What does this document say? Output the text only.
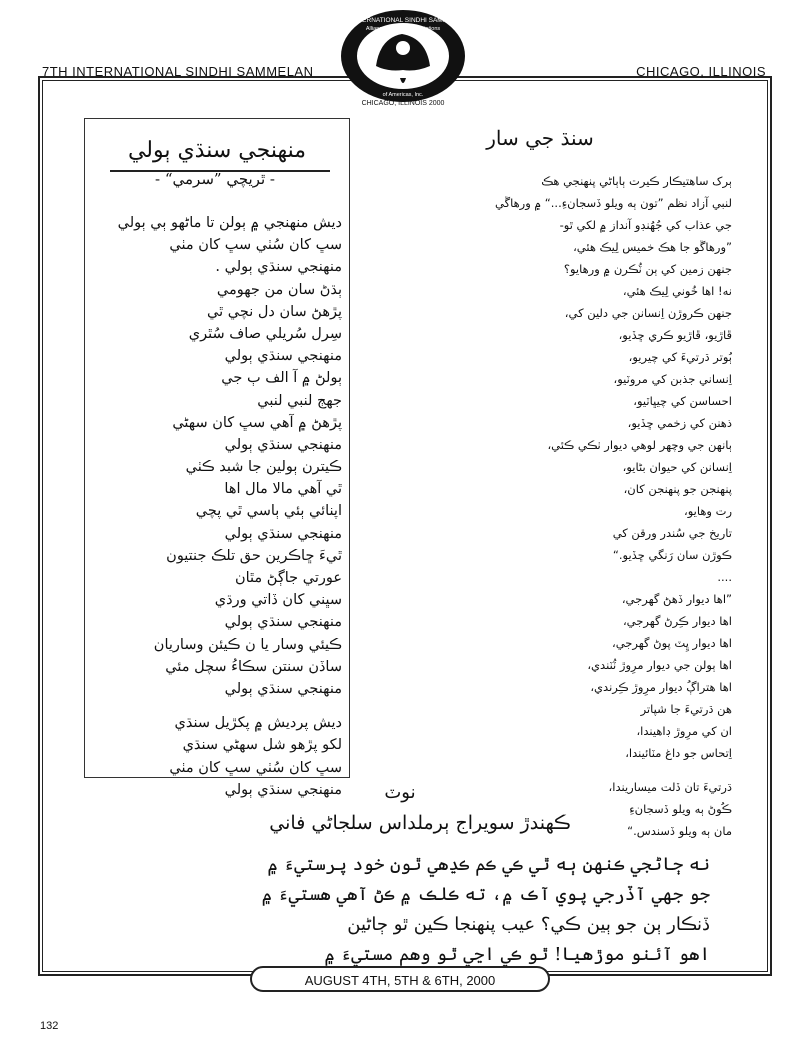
7TH INTERNATIONAL SINDHI SAMMELAN	CHICAGO, ILLINOIS
7th INTERNATIONAL SINDHI SAMMELAN
Alliance of Sindhi Associations
of Americas, Inc.
CHICAGO, ILLINOIS 2000
منهنجي سنڌي ٻولي
- ٿريچي ”سرمي“ -
ديش منهنجي ۾ ٻولن تا ماڻهو ٻي ٻولي
سڀ کان سُٺي سڀ کان مٺي
منهنجي سنڌي ٻولي .
ٻڌڻ سان من جهومي
پڙهڻ سان دل نچي ٿي
سِرل سُريلي صاف سُٿري
منهنجي سنڌي ٻولي
ٻولڻ ۾ آ الف ٻ جي
جهڄ لنبي لنبي
پڙهڻ ۾ آهي سڀ کان سهڻي
منهنجي سنڌي ٻولي
ڪيترن ٻولين جا شبد ڪٺي
ٿي آهي مالا مال اها
اپنائي ٻئي ٻاسي ٿي پچي
منهنجي سنڌي ٻولي
ٿيءَ ڇاڪرين حق تلڪ جنتيون
عورتي جاڳڻ مٿان
سڀني کان ڏاتي ورڌي
منهنجي سنڌي ٻولي
ڪيئي وسار يا ن ڪيئن وساريان
ساڏن سنتن سڪاءُ سچل مئي
منهنجي سنڌي ٻولي
ديش پرديش ۾ پکڙيل سنڌي
لکو پڙهو شل سهڻي سنڌي
سڀ کان سُٺي سڀ کان مٺي
منهنجي سنڌي ٻولي
سنڌ جي سار
ٻرک ساھتيڪار ڪيرت ٻاٻاڻي پنهنجي هڪ
لنبي آزاد نظم ”تون ٻه ويلو ڏسجانءِ...“ ۾ ورهاڱي
جي عذاب کي جُهُنڊو آنداز ۾ لکي ٿو-
”ورهاڱو جا هڪ خميس لِيڪ هئي،
جنهن زمين کي ٻن ٽُڪرن ۾ ورهايو؟
نه! اها خُوني لِيڪ هئي،
جنهن ڪروڙن اِنسانن جي دلين کي،
ڦاڙيو، ڦاڙيو ڪري ڇڏيو،
ٻُوتر ڌرتيءَ کي چيريو،
اِنساني جذبن کي مروٽيو،
احساسن کي چيڀاٽيو،
ذهنن کي زخمي ڇڏيو،
ٻانهن جي وچهر لوهي ديوار ٺڪي ڪئي،
اِنسانن کي حيوان بڻايو،
پنهنجن جو پنهنجن کان،
رت وهايو،
تاريخ جي سُندر ورقن کي
ڪوڙن سان رَنگي ڇڏيو.“
....
”اها ديوار ڏهڻ گهرجي،
اها ديوار ڪِرڻ گهرجي،
اها ديوار ڀِٽ پوڻ گهرجي،
اها ٻولن جي ديوار مرِوڙ ٽُٽندي،
اها هتراڳُ ديوار مرِوڙ ڪِرندي،
هن ڌرتيءَ جا شپاتر
ان کي مرِوڙ ڊاهيندا،
اِتحاس جو داغ مٽائيندا،
ڌرتيءَ تان ڏلت ميساريندا،
ڪُوڻ ٻه ويلو ڏسجانءِ
مان ٻه ويلو ڏسندس.“
نوٽ
ڪهندڙ سويراج ٻرملداس سلجاڻي فاني
نه ڄاڻجي ڪنهن ٻه ٿي ڪي ڪم ڪڍهي ٿون خود پرستيءَ ۾
جو جهي آڏرجي پوي آڪ ۾، ته ڪلڪ ۾ ڪڻ آهي هستيءَ ۾
ڏنڪار ٻن جو ٻين ڪي؟ عيب پنهنجا ڪين ٿو ڄاڻين
اهو آئنو موڙهيا! ٿو ڪي اڃي ٿو وهم مستيءَ ۾
AUGUST 4TH, 5TH & 6TH, 2000
132
